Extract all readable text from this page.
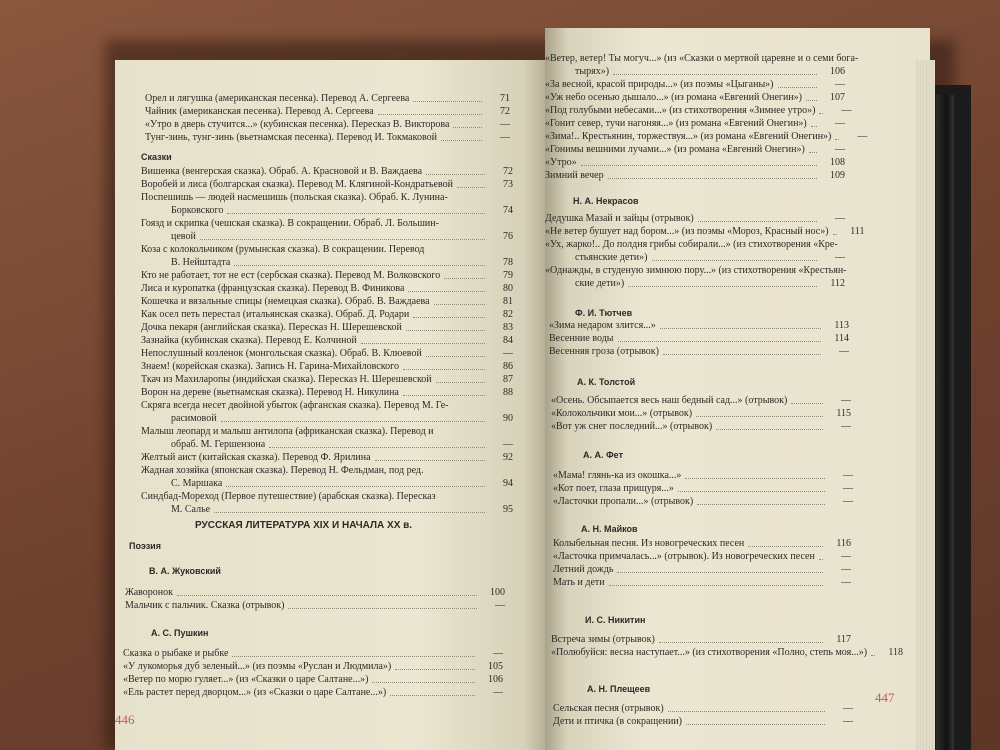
Орел и лягушка (американская песенка). Перевод А. Сергеева	71
Чайник (американская песенка). Перевод А. Сергеева	72
«Утро в дверь стучится...» (кубинская песенка). Пересказ В. Викторова	—
Тунг-зинь, тунг-зинь (вьетнамская песенка). Перевод И. Токмаковой	—
Сказки
Вишенка (венгерская сказка). Обраб. А. Красновой и В. Важдаева	72
Воробей и лиса (болгарская сказка). Перевод М. Клягиной-Кондратьевой	73
Поспешишь — людей насмешишь (польская сказка). Обраб. К. Лунина-
Борковского	74
Гоязд и скрипка (чешская сказка). В сокращении. Обраб. Л. Большин-
цевой	76
Коза с колокольчиком (румынская сказка). В сокращении. Перевод
В. Нейштадта	78
Кто не работает, тот не ест (сербская сказка). Перевод М. Волковского	79
Лиса и куропатка (французская сказка). Перевод В. Финикова	80
Кошечка и вязальные спицы (немецкая сказка). Обраб. В. Важдаева	81
Как осел петь перестал (итальянская сказка). Обраб. Д. Родари	82
Дочка пекаря (английская сказка). Пересказ Н. Шерешевской	83
Зазнайка (кубинская сказка). Перевод Е. Колчиной	84
Непослушный козленок (монгольская сказка). Обраб. В. Клюевой	—
Знаем! (корейская сказка). Запись Н. Гарина-Михайловского	86
Ткач из Махиларопы (индийская сказка). Пересказ Н. Шерешевской	87
Ворон на дереве (вьетнамская сказка). Перевод Н. Никулина	88
Скряга всегда несет двойной убыток (афганская сказка). Перевод М. Ге-
расимовой	90
Малыш леопард и малыш антилопа (африканская сказка). Перевод и
обраб. М. Гершензона	—
Желтый аист (китайская сказка). Перевод Ф. Ярилина	92
Жадная хозяйка (японская сказка). Перевод Н. Фельдман, под ред.
С. Маршака	94
Синдбад-Мореход (Первое путешествие) (арабская сказка). Пересказ
М. Салье	95
РУССКАЯ ЛИТЕРАТУРА XIX И НАЧАЛА XX в.
Поэзия
В. А. Жуковский
Жаворонок	100
Мальчик с пальчик. Сказка (отрывок)	—
А. С. Пушкин
Сказка о рыбаке и рыбке	—
«У лукоморья дуб зеленый...» (из поэмы «Руслан и Людмила»)	105
«Ветер по морю гуляет...» (из «Сказки о царе Салтане...»)	106
«Ель растет перед дворцом...» (из «Сказки о царе Салтане...»)	—
446
«Ветер, ветер! Ты могуч...» (из «Сказки о мертвой царевне и о семи бога-
тырях»)	106
«За весной, красой природы...» (из поэмы «Цыганы»)	—
«Уж небо осенью дышало...» (из романа «Евгений Онегин»)	107
«Под голубыми небесами...» (из стихотворения «Зимнее утро»)	—
«Гонит север, тучи нагоняя...» (из романа «Евгений Онегин»)	—
«Зима!.. Крестьянин, торжествуя...» (из романа «Евгений Онегин»)	—
«Гонимы вешними лучами...» (из романа «Евгений Онегин»)	—
«Утро»	108
Зимний вечер	109
Н. А. Некрасов
Дедушка Мазай и зайцы (отрывок)	—
«Не ветер бушует над бором...» (из поэмы «Мороз, Красный нос»)	111
«Ух, жарко!.. До полдня грибы собирали...» (из стихотворения «Кре-
стьянские дети»)	—
«Однажды, в студеную зимнюю пору...» (из стихотворения «Крестьян-
ские дети»)	112
Ф. И. Тютчев
«Зима недаром злится...»	113
Весенние воды	114
Весенняя гроза (отрывок)	—
А. К. Толстой
«Осень. Обсыпается весь наш бедный сад...» (отрывок)	—
«Колокольчики мои...» (отрывок)	115
«Вот уж снег последний...» (отрывок)	—
А. А. Фет
«Мама! глянь-ка из окошка...»	—
«Кот поет, глаза прищуря...»	—
«Ласточки пропали...» (отрывок)	—
А. Н. Майков
Колыбельная песня. Из новогреческих песен	116
«Ласточка примчалась...» (отрывок). Из новогреческих песен	—
Летний дождь	—
Мать и дети	—
И. С. Никитин
Встреча зимы (отрывок)	117
«Полюбуйся: весна наступает...» (из стихотворения «Полно, степь моя...»)	118
А. Н. Плещеев
Сельская песня (отрывок)	—
Дети и птичка (в сокращении)	—
447
